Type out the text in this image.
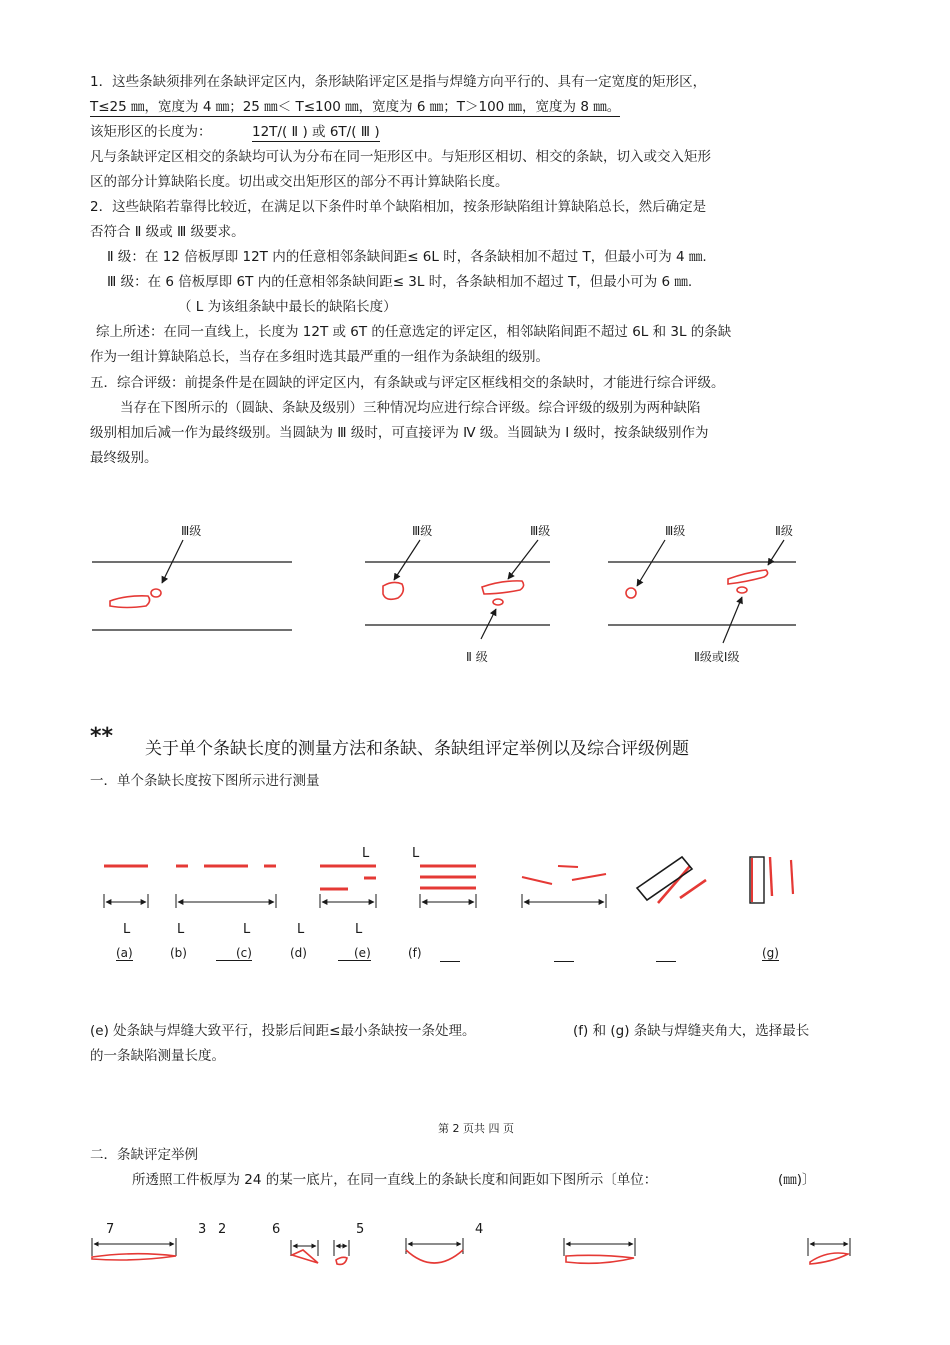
1．这些条缺须排列在条缺评定区内，条形缺陷评定区是指与焊缝方向平行的、具有一定宽度的矩形区，
T≤25 ㎜，宽度为 4 ㎜；25 ㎜＜ T≤100 ㎜，宽度为 6 ㎜；T＞100 ㎜，宽度为 8 ㎜。
该矩形区的长度为：	12T/( Ⅱ ) 或 6T/( Ⅲ )
凡与条缺评定区相交的条缺均可认为分布在同一矩形区中。与矩形区相切、相交的条缺，切入或交入矩形
区的部分计算缺陷长度。切出或交出矩形区的部分不再计算缺陷长度。
2．这些缺陷若靠得比较近，在满足以下条件时单个缺陷相加，按条形缺陷组计算缺陷总长，然后确定是
否符合 Ⅱ 级或 Ⅲ 级要求。
Ⅱ 级：在 12 倍板厚即 12T 内的任意相邻条缺间距≤ 6L 时，各条缺相加不超过 T，但最小可为 4 ㎜.
Ⅲ 级：在 6 倍板厚即 6T 内的任意相邻条缺间距≤ 3L 时，各条缺相加不超过 T，但最小可为 6 ㎜.
（ L 为该组条缺中最长的缺陷长度）
综上所述：在同一直线上，长度为 12T 或 6T 的任意选定的评定区，相邻缺陷间距不超过 6L 和 3L 的条缺
作为一组计算缺陷总长，当存在多组时选其最严重的一组作为条缺组的级别。
五．综合评级：前提条件是在圆缺的评定区内，有条缺或与评定区框线相交的条缺时，才能进行综合评级。
当存在下图所示的（圆缺、条缺及级别）三种情况均应进行综合评级。综合评级的级别为两种缺陷
级别相加后减一作为最终级别。当圆缺为 Ⅲ 级时，可直接评为 Ⅳ 级。当圆缺为 Ⅰ 级时，按条缺级别作为
最终级别。
Ⅲ级	Ⅲ级	Ⅲ级
Ⅱ 级
Ⅲ级	Ⅱ级
Ⅱ级或Ⅰ级
** 关于单个条缺长度的测量方法和条缺、条缺组评定举例以及综合评级例题
一．单个条缺长度按下图所示进行测量
L	L
L	L	L	L	L
(a)	(b)	(c)	(d)	(e)	(f)	(g)
(e) 处条缺与焊缝大致平行，投影后间距≤最小条缺按一条处理。	(f) 和 (g) 条缺与焊缝夹角大，选择最长
的一条缺陷测量长度。
第 2 页共 四 页
二．条缺评定举例
所透照工件板厚为 24 的某一底片，在同一直线上的条缺长度和间距如下图所示〔单位：	(㎜)〕
7	3 2	6	5	4
